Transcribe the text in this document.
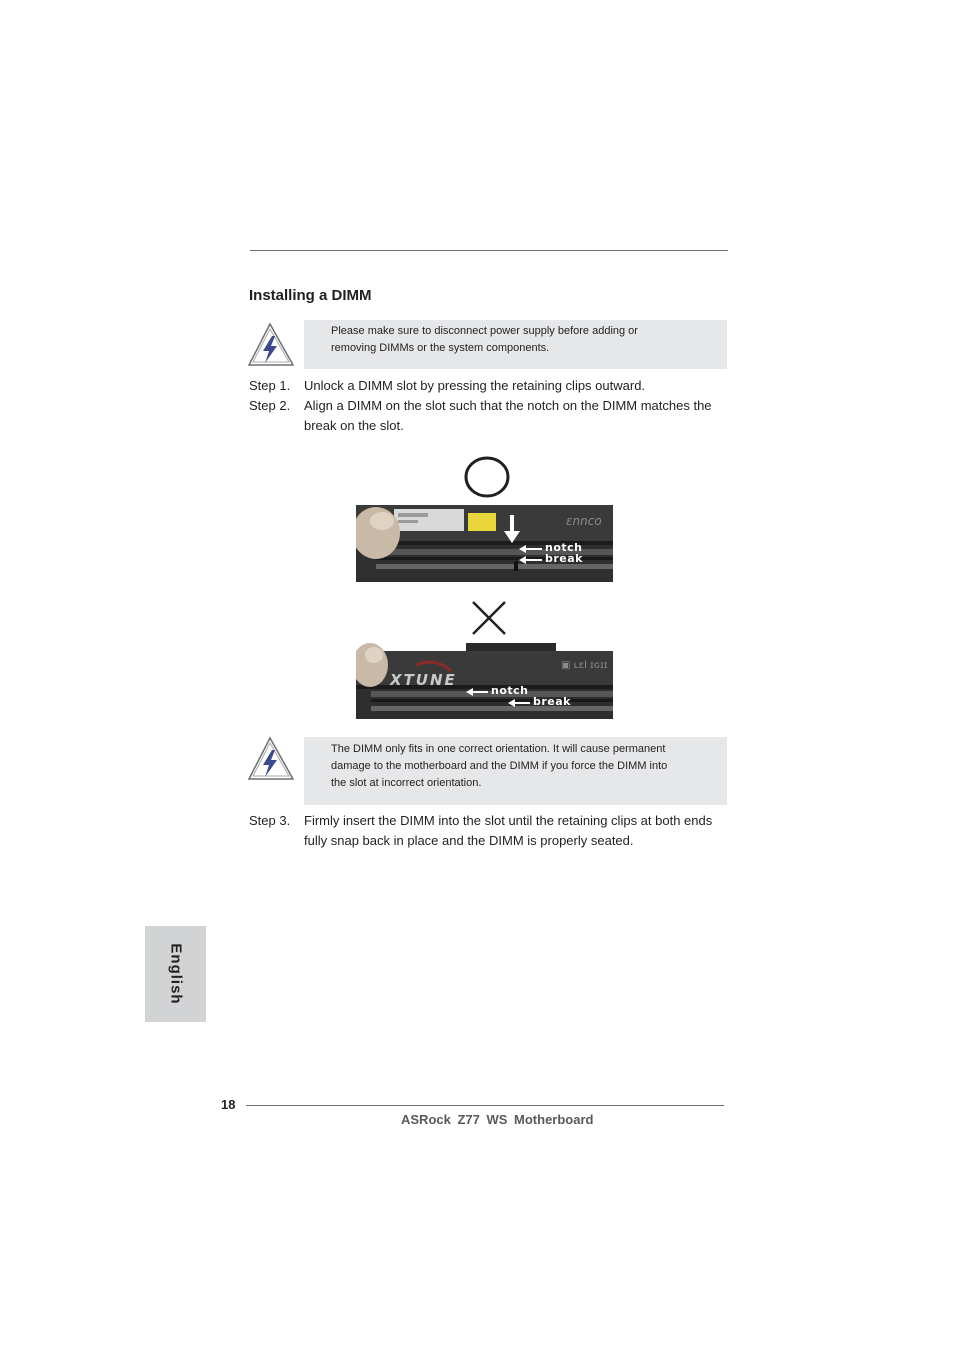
Installing a DIMM
Please make sure to disconnect power supply before adding or
removing DIMMs or the system components.
Step 1. Unlock a DIMM slot by pressing the retaining clips outward.
Step 2. Align a DIMM on the slot such that the notch on the DIMM matches the
break on the slot.
ɛnnco
notch
break
▣ ʟɛl ɪɢɪɪ
XTUNE
notch
break
The DIMM only fits in one correct orientation. It will cause permanent
damage to the motherboard and the DIMM if you force the DIMM into
the slot at incorrect orientation.
Step 3. Firmly insert the DIMM into the slot until the retaining clips at both ends
fully snap back in place and the DIMM is properly seated.
English
18
ASRock Z77 WS Motherboard
